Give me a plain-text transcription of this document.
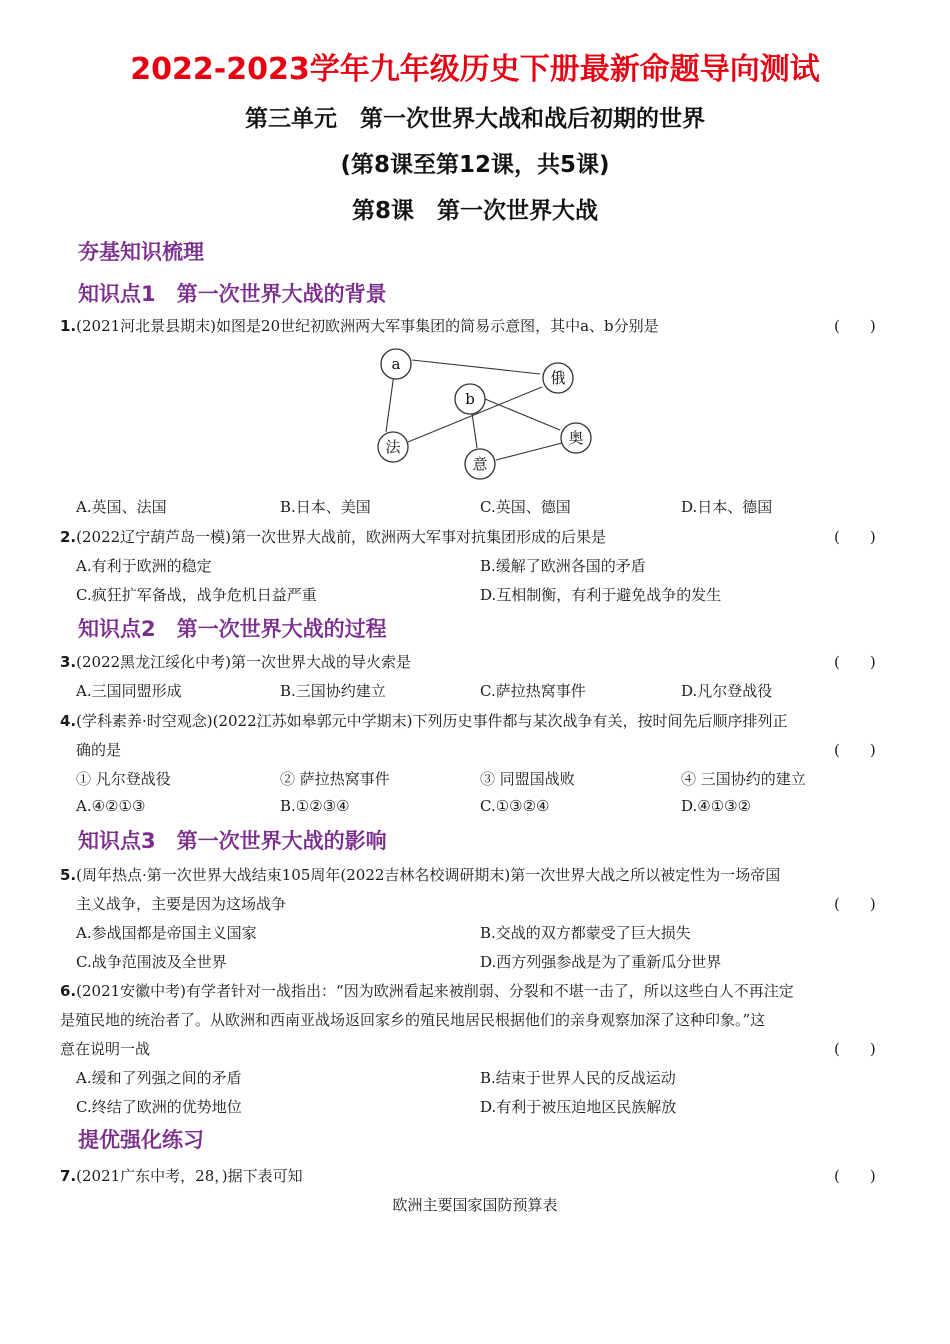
2022-2023学年九年级历史下册最新命题导向测试
第三单元　第一次世界大战和战后初期的世界
(第8课至第12课，共5课)
第8课　第一次世界大战
夯基知识梳理
知识点1　第一次世界大战的背景
1.(2021河北景县期末)如图是20世纪初欧洲两大军事集团的简易示意图，其中a、b分别是	(　　)
a
俄
b
奥
法
意
A.英国、法国	B.日本、美国	C.英国、德国	D.日本、德国
2.(2022辽宁葫芦岛一模)第一次世界大战前，欧洲两大军事对抗集团形成的后果是	(　　)
A.有利于欧洲的稳定	B.缓解了欧洲各国的矛盾
C.疯狂扩军备战，战争危机日益严重	D.互相制衡，有利于避免战争的发生
知识点2　第一次世界大战的过程
3.(2022黑龙江绥化中考)第一次世界大战的导火索是	(　　)
A.三国同盟形成	B.三国协约建立	C.萨拉热窝事件	D.凡尔登战役
4.(学科素养·时空观念)(2022江苏如皋郭元中学期末)下列历史事件都与某次战争有关，按时间先后顺序排列正
确的是	(　　)
① 凡尔登战役	② 萨拉热窝事件	③ 同盟国战败	④ 三国协约的建立
A.④②①③	B.①②③④	C.①③②④	D.④①③②
知识点3　第一次世界大战的影响
5.(周年热点·第一次世界大战结束105周年(2022吉林名校调研期末)第一次世界大战之所以被定性为一场帝国
主义战争，主要是因为这场战争	(　　)
A.参战国都是帝国主义国家	B.交战的双方都蒙受了巨大损失
C.战争范围波及全世界	D.西方列强参战是为了重新瓜分世界
6.(2021安徽中考)有学者针对一战指出：“因为欧洲看起来被削弱、分裂和不堪一击了，所以这些白人不再注定
是殖民地的统治者了。从欧洲和西南亚战场返回家乡的殖民地居民根据他们的亲身观察加深了这种印象。”这
意在说明一战	(　　)
A.缓和了列强之间的矛盾	B.结束于世界人民的反战运动
C.终结了欧洲的优势地位	D.有利于被压迫地区民族解放
提优强化练习
7.(2021广东中考，28，)据下表可知	(　　)
欧洲主要国家国防预算表
